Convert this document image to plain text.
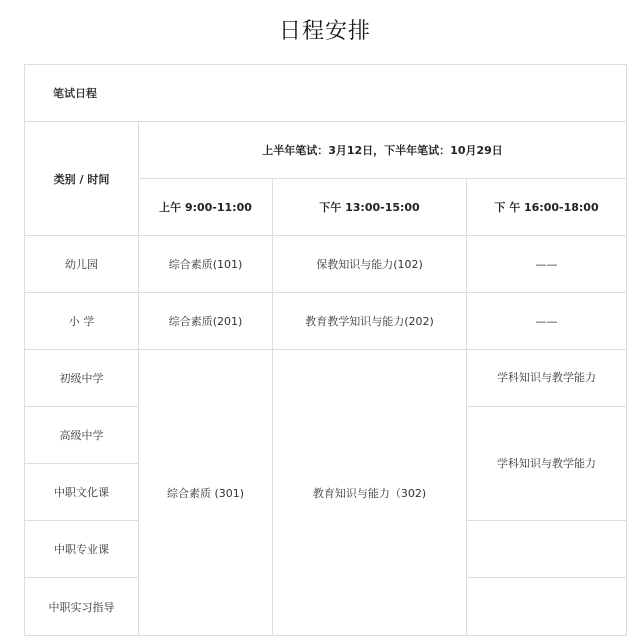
日程安排
笔试日程			
类别 / 时间	上半年笔试：3月12日，下半年笔试：10月29日		
	上午 9:00-11:00	下午 13:00-15:00	下 午 16:00-18:00
幼儿园	综合素质(101)	保教知识与能力(102)	——
小 学	综合素质(201)	教育教学知识与能力(202)	——
初级中学	综合素质 (301)	教育知识与能力（302)	学科知识与教学能力
高级中学			学科知识与教学能力
中职文化课			
中职专业课			
中职实习指导			
